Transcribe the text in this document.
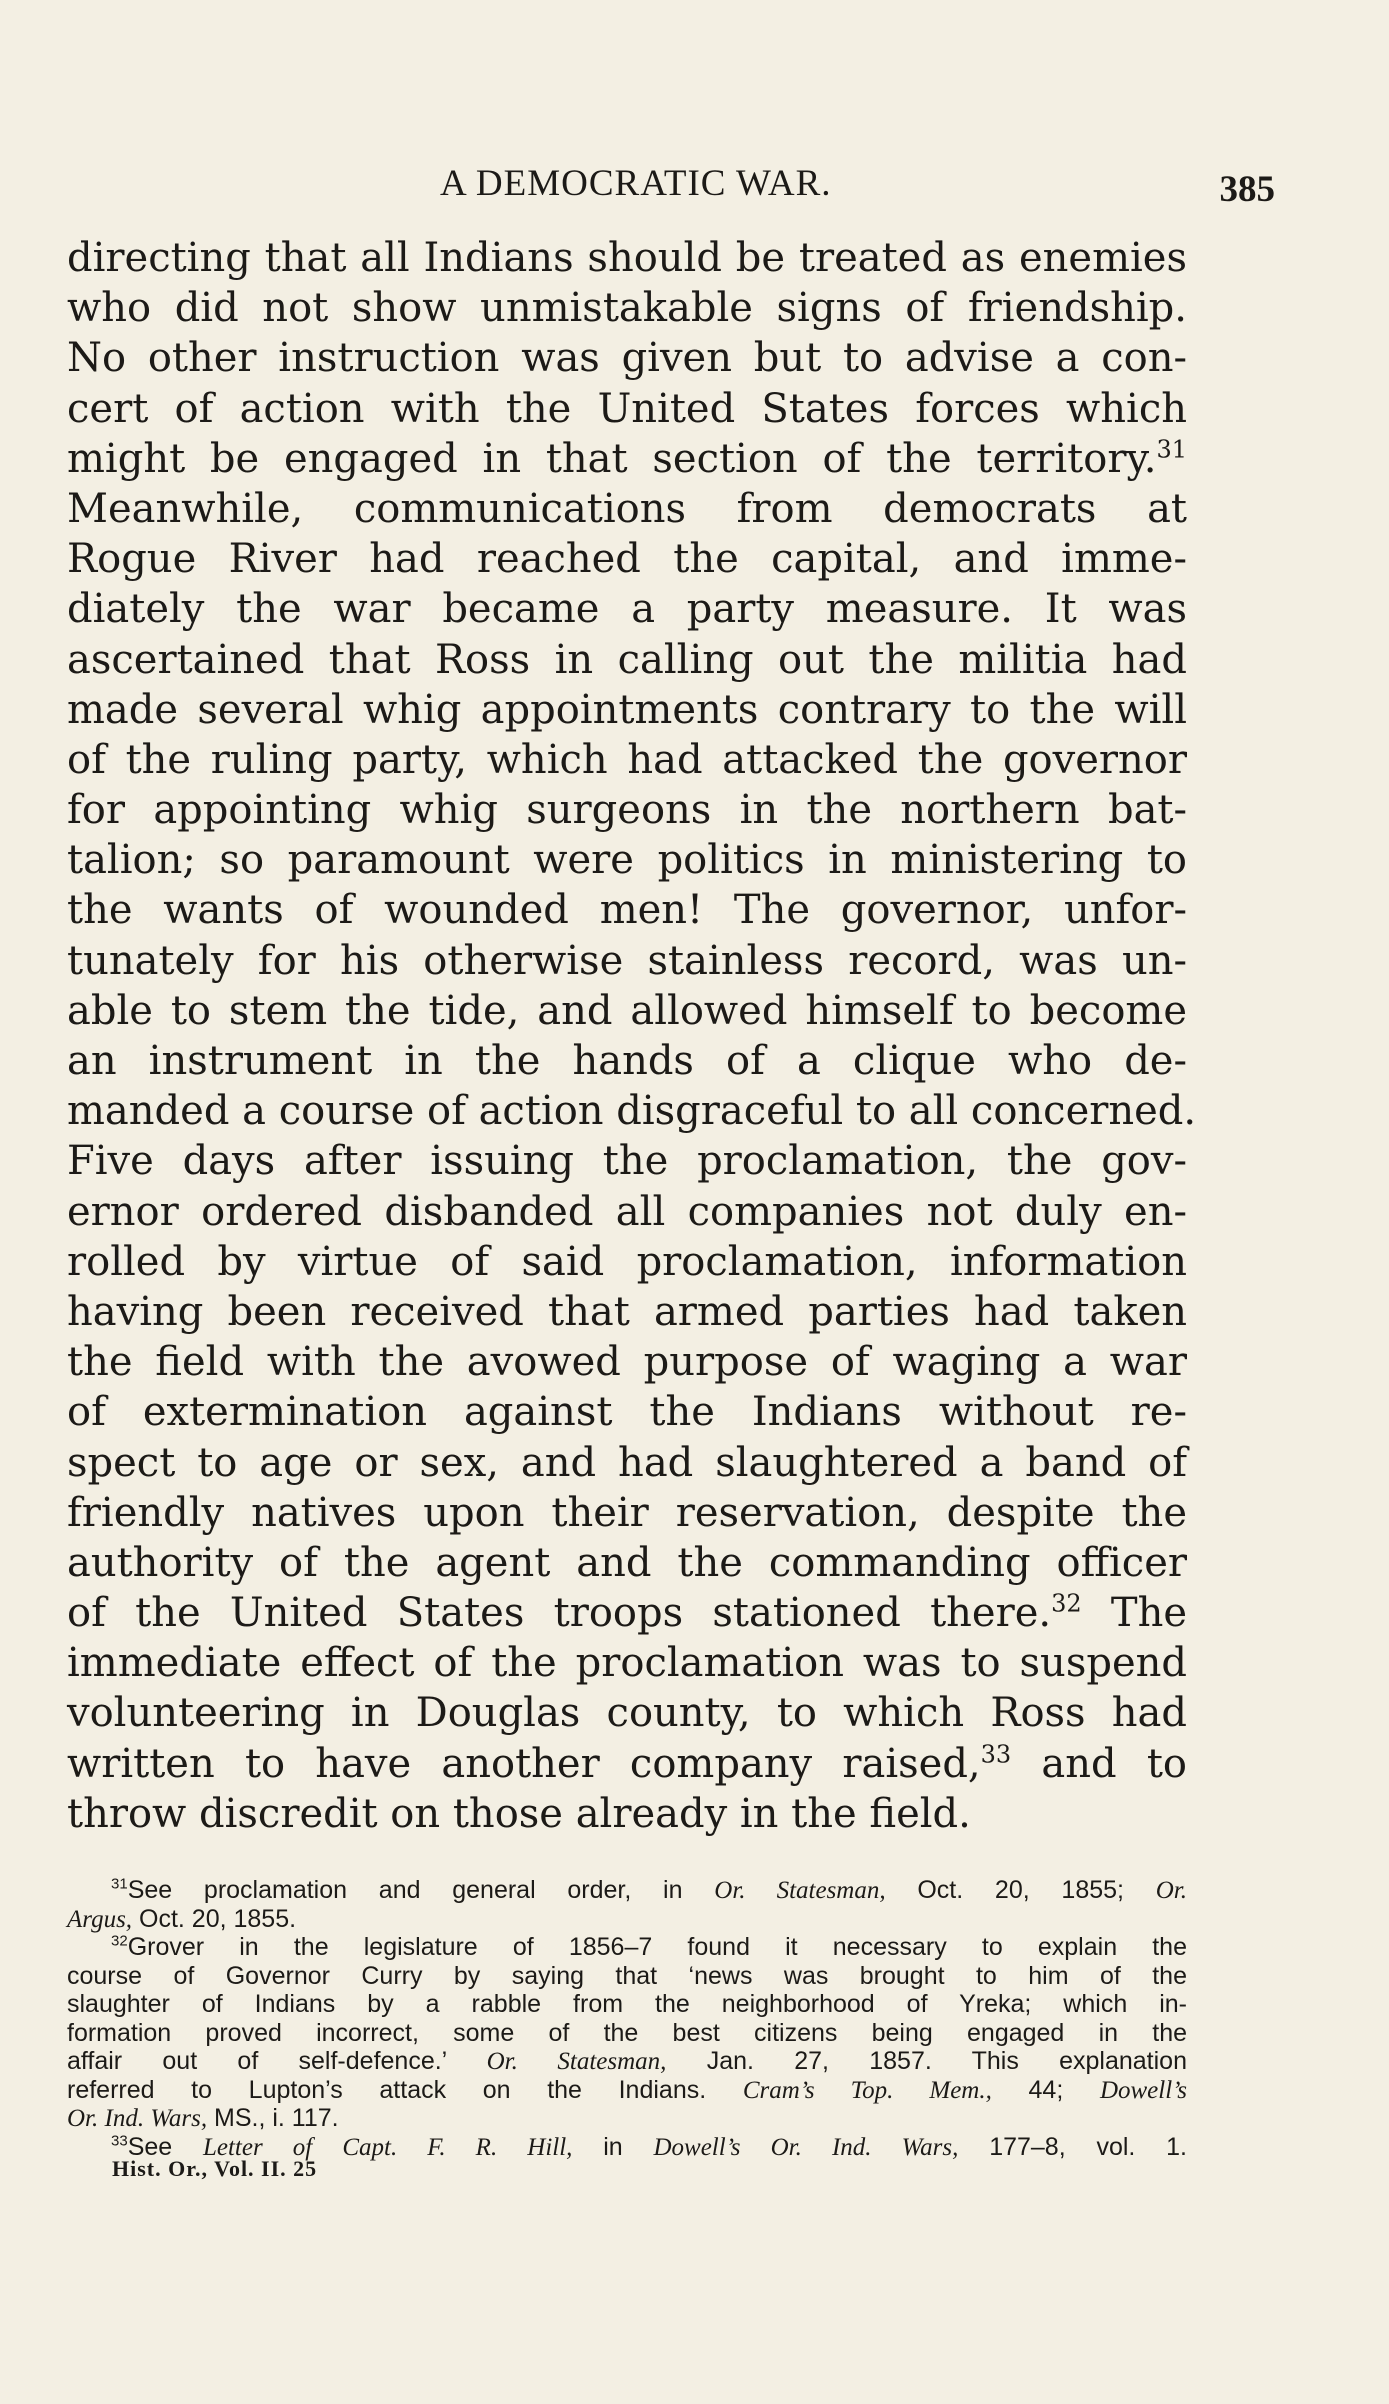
A DEMOCRATIC WAR.	385
directing that all Indians should be treated as enemies
who did not show unmistakable signs of friendship.
No other instruction was given but to advise a con-
cert of action with the United States forces which
might be engaged in that section of the territory.$^{31}$
Meanwhile, communications from democrats at
Rogue River had reached the capital, and imme-
diately the war became a party measure. It was
ascertained that Ross in calling out the militia had
made several whig appointments contrary to the will
of the ruling party, which had attacked the governor
for appointing whig surgeons in the northern bat-
talion; so paramount were politics in ministering to
the wants of wounded men! The governor, unfor-
tunately for his otherwise stainless record, was un-
able to stem the tide, and allowed himself to become
an instrument in the hands of a clique who de-
manded a course of action disgraceful to all concerned.
Five days after issuing the proclamation, the gov-
ernor ordered disbanded all companies not duly en-
rolled by virtue of said proclamation, information
having been received that armed parties had taken
the field with the avowed purpose of waging a war
of extermination against the Indians without re-
spect to age or sex, and had slaughtered a band of
friendly natives upon their reservation, despite the
authority of the agent and the commanding officer
of the United States troops stationed there.$^{32}$ The
immediate effect of the proclamation was to suspend
volunteering in Douglas county, to which Ross had
written to have another company raised,$^{33}$ and to
throw discredit on those already in the field.
$^{31}$See proclamation and general order, in Or. Statesman, Oct. 20, 1855; Or.
Argus, Oct. 20, 1855.
$^{32}$Grover in the legislature of 1856–7 found it necessary to explain the
course of Governor Curry by saying that ‘news was brought to him of the
slaughter of Indians by a rabble from the neighborhood of Yreka; which in-
formation proved incorrect, some of the best citizens being engaged in the
affair out of self-defence.’ Or. Statesman, Jan. 27, 1857. This explanation
referred to Lupton’s attack on the Indians. Cram’s Top. Mem., 44; Dowell’s
Or. Ind. Wars, MS., i. 117.
$^{33}$See Letter of Capt. F. R. Hill, in Dowell’s Or. Ind. Wars, 177–8, vol. 1.
Hist. Or., Vol. II. 25
